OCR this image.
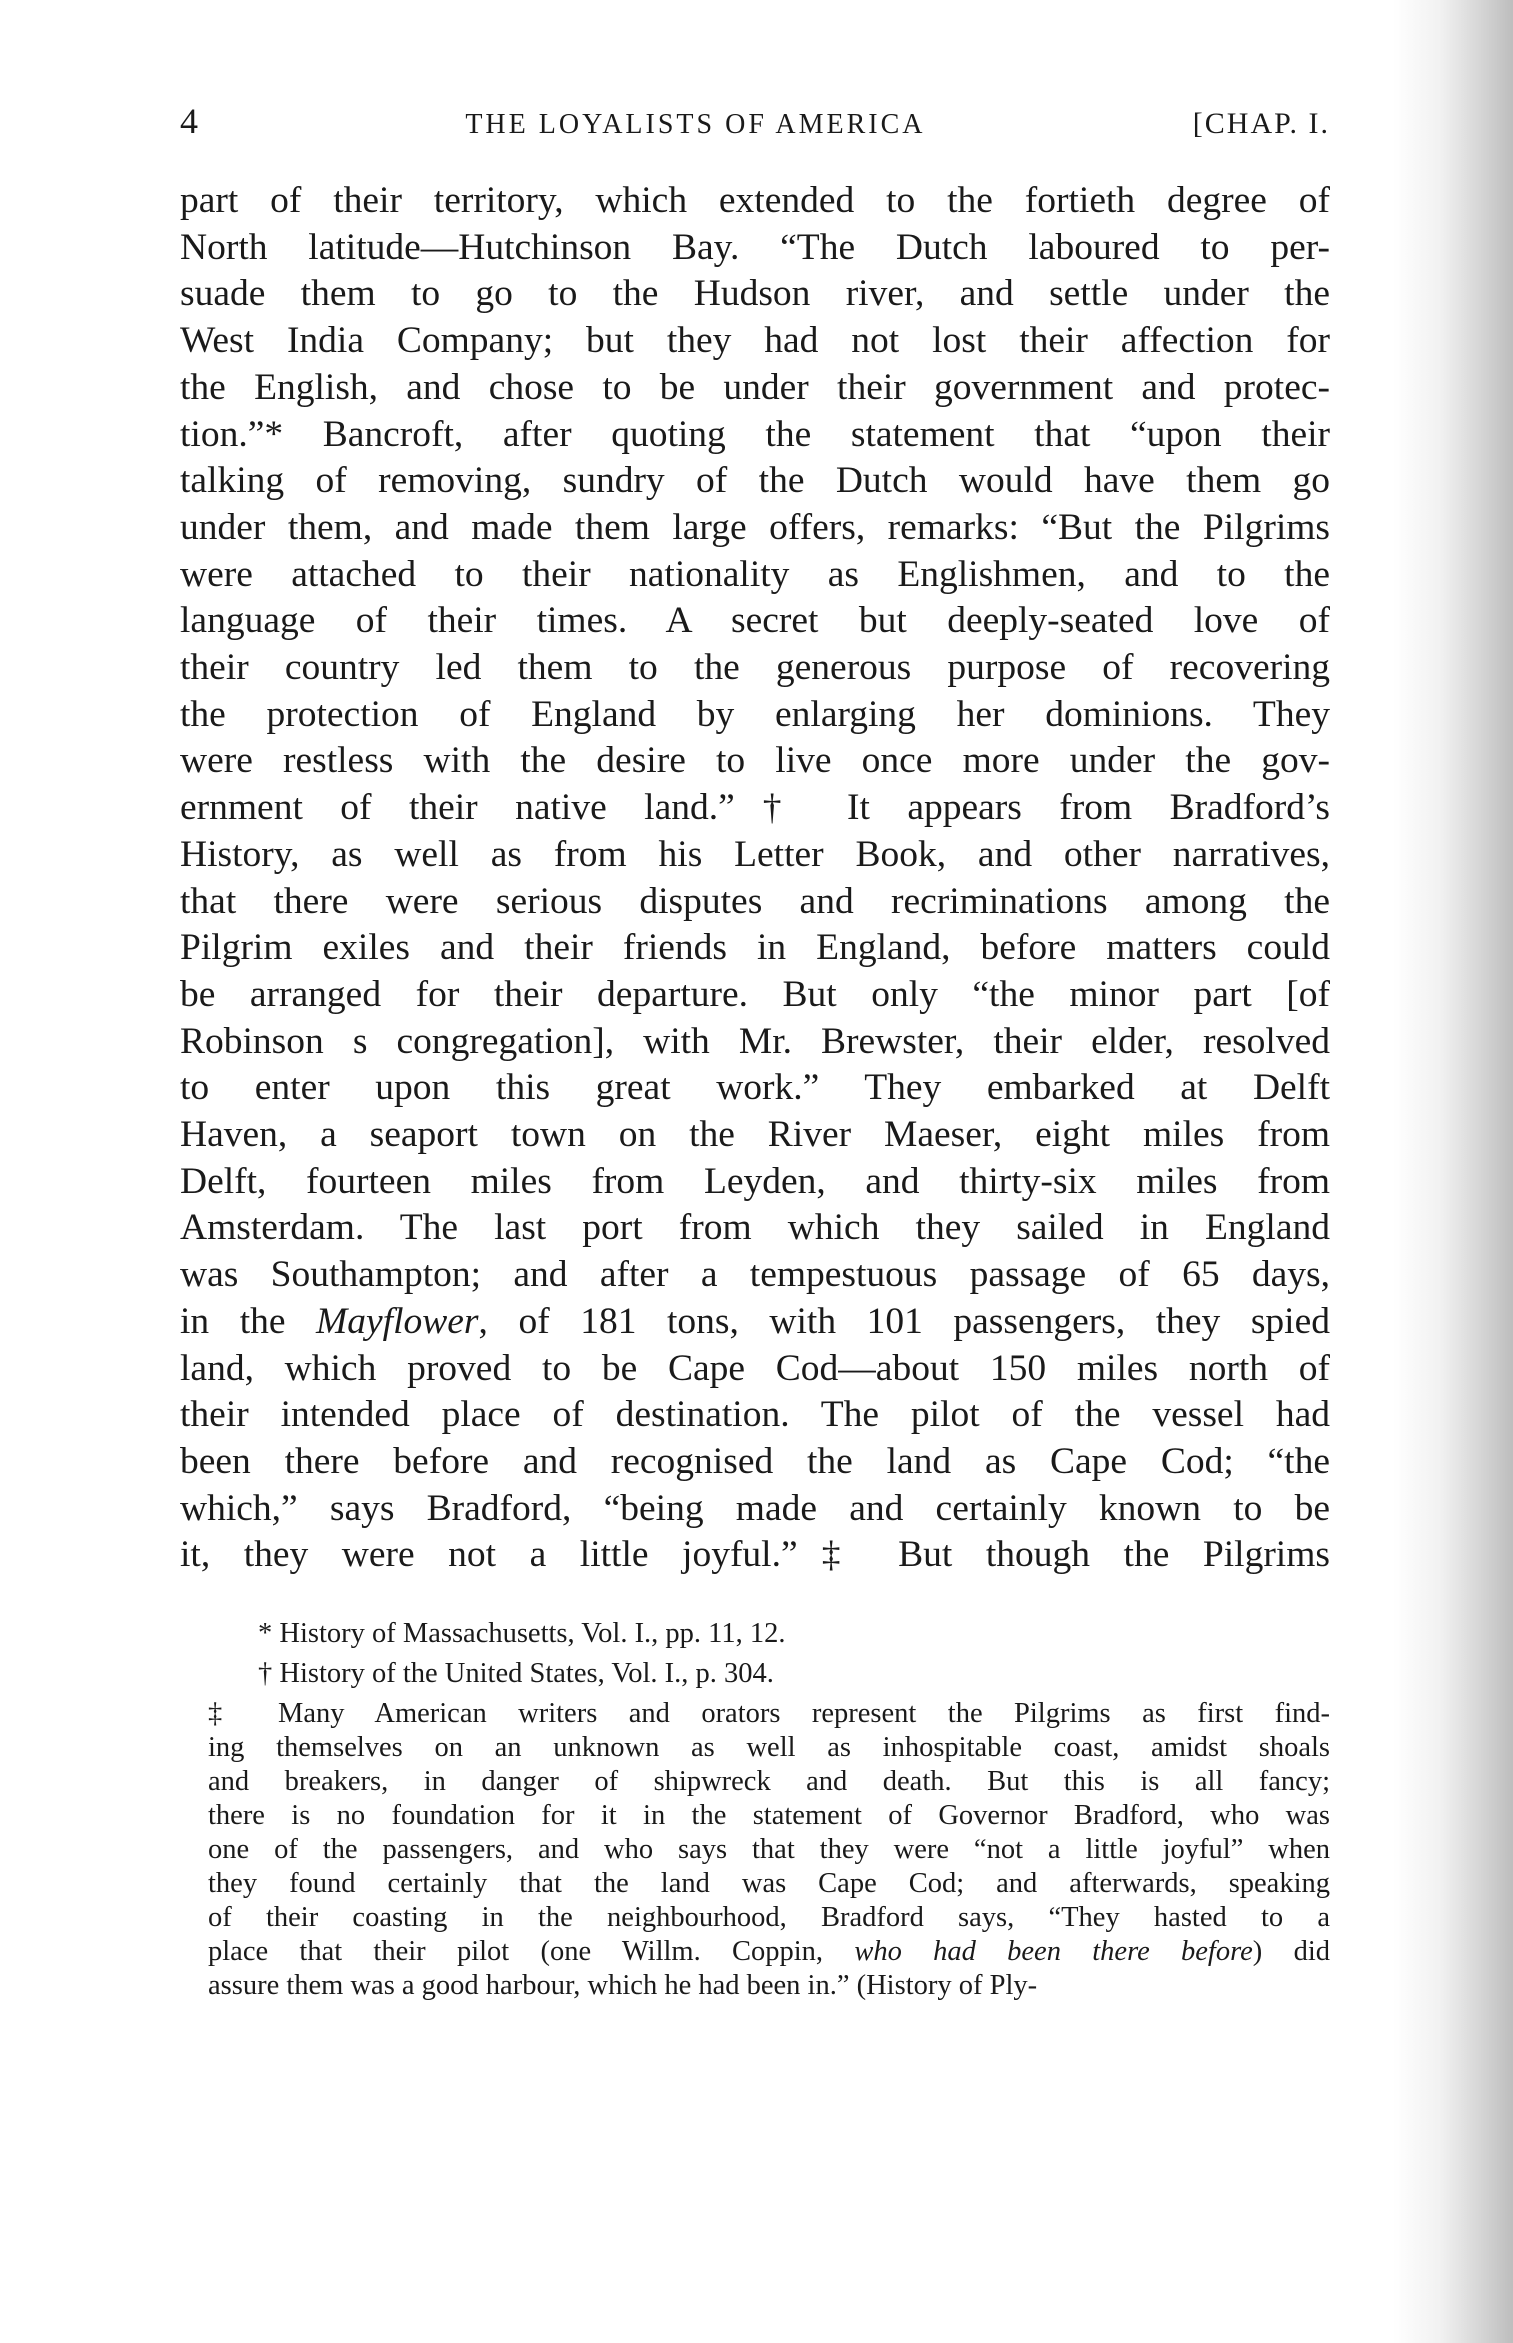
4	THE LOYALISTS OF AMERICA	[CHAP. I.
part of their territory, which extended to the fortieth degree of
North latitude—Hutchinson Bay. “The Dutch laboured to per-
suade them to go to the Hudson river, and settle under the
West India Company; but they had not lost their affection for
the English, and chose to be under their government and protec-
tion.”* Bancroft, after quoting the statement that “upon their
talking of removing, sundry of the Dutch would have them go
under them, and made them large offers, remarks: “But the Pilgrims
were attached to their nationality as Englishmen, and to the
language of their times. A secret but deeply-seated love of
their country led them to the generous purpose of recovering
the protection of England by enlarging her dominions. They
were restless with the desire to live once more under the gov-
ernment of their native land.”† It appears from Bradford’s
History, as well as from his Letter Book, and other narratives,
that there were serious disputes and recriminations among the
Pilgrim exiles and their friends in England, before matters could
be arranged for their departure. But only “the minor part [of
Robinson s congregation], with Mr. Brewster, their elder, resolved
to enter upon this great work.” They embarked at Delft
Haven, a seaport town on the River Maeser, eight miles from
Delft, fourteen miles from Leyden, and thirty-six miles from
Amsterdam. The last port from which they sailed in England
was Southampton; and after a tempestuous passage of 65 days,
in the Mayflower, of 181 tons, with 101 passengers, they spied
land, which proved to be Cape Cod—about 150 miles north of
their intended place of destination. The pilot of the vessel had
been there before and recognised the land as Cape Cod; “the
which,” says Bradford, “being made and certainly known to be
it, they were not a little joyful.”‡ But though the Pilgrims
* History of Massachusetts, Vol. I., pp. 11, 12.
† History of the United States, Vol. I., p. 304.
‡ Many American writers and orators represent the Pilgrims as first find-
ing themselves on an unknown as well as inhospitable coast, amidst shoals
and breakers, in danger of shipwreck and death. But this is all fancy;
there is no foundation for it in the statement of Governor Bradford, who was
one of the passengers, and who says that they were “not a little joyful” when
they found certainly that the land was Cape Cod; and afterwards, speaking
of their coasting in the neighbourhood, Bradford says, “They hasted to a
place that their pilot (one Willm. Coppin, who had been there before) did
assure them was a good harbour, which he had been in.” (History of Ply-
